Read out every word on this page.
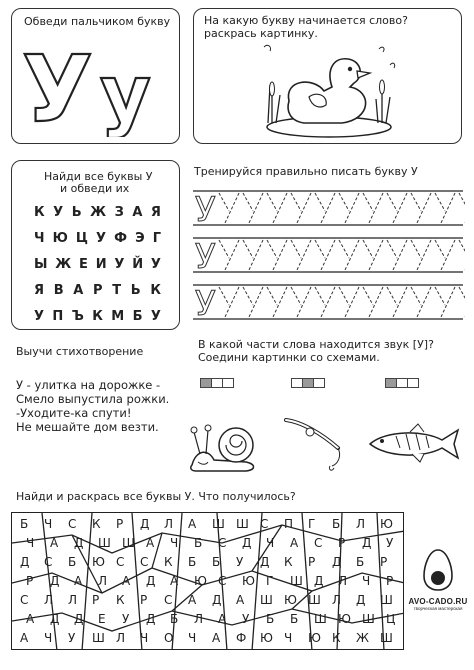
Обведи пальчиком букву
У у
На какую букву начинается слово?
раскрась картинку.
Найди все буквы У
и обведи их
К У Ь Ж З А Я
Ч Ю Ц У Ф Э Г
Ы Ж Е И У Й У
Я В А Р Т Ь К
У П Ъ К М Б У
Тренируйся правильно писать букву У
У
У
У
Выучи стихотворение
У - улитка на дорожке -
Смело выпустила рожки.
-Уходите-ка спути!
Не мешайте дом везти.
В какой части слова находится звук [У]?
Соедини картинки со схемами.
Найди и раскрась все буквы У. Что получилось?
Б Ч С К Р Д Л А Ш Ш С П Г Б Л Ю
Ч А Д Ш Ш А Ч Б С Д Ч А С Р Д У
Д С Б Ю С С К Б Б У Д К Р Д Б Р
Р Д А Л А Д А Ю С Ю Г Ш Д Л Ч Р
С Л Л Р К Р С А Д А Ш Ю Ш Л Д Ш
А Д Д Е У Д Б Л А У Б Б Ш Ю Ш Ц
А Ч У Ш Л Ч О Ч А Ф Ю Ч Ю К Ж Ш
AVO-CADO.RU
творческая мастерская
